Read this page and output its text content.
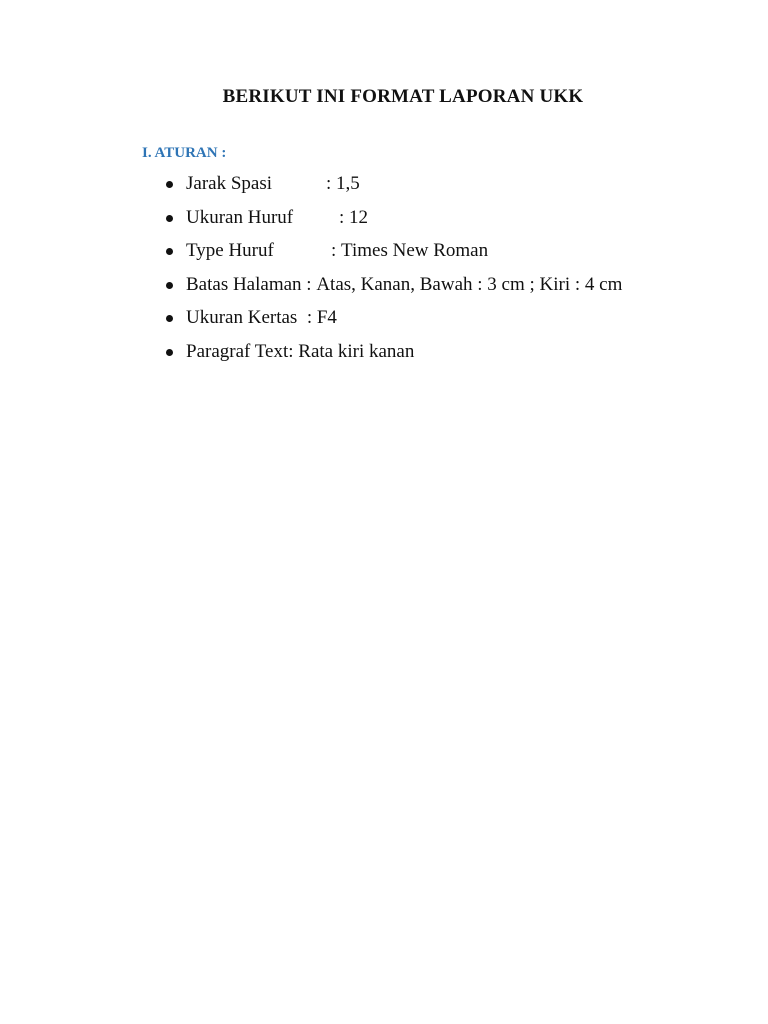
BERIKUT INI FORMAT LAPORAN UKK
I. ATURAN :
Jarak Spasi	: 1,5
Ukuran Huruf : 12
Type Huruf	: Times New Roman
Batas Halaman : Atas, Kanan, Bawah : 3 cm ; Kiri : 4 cm
Ukuran Kertas : F4
Paragraf Text: Rata kiri kanan
